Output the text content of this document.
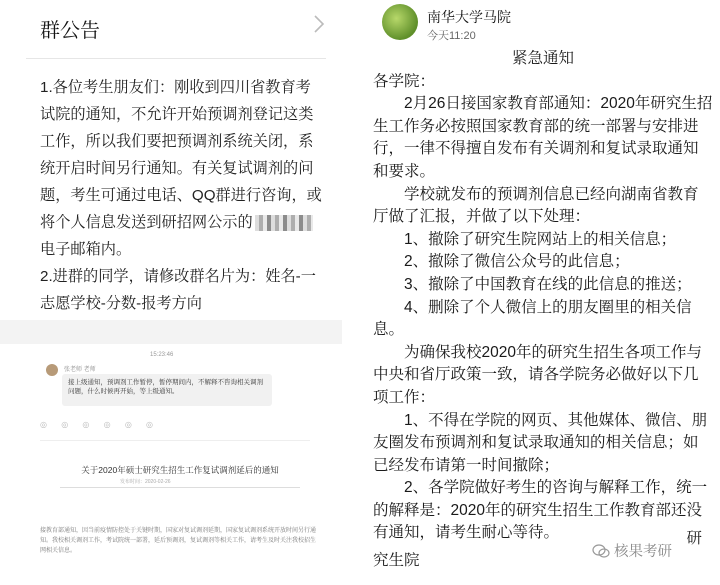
群公告

1.各位考生朋友们：刚收到四川省教育考试院的通知，不允许开始预调剂登记这类工作，所以我们要把预调剂系统关闭，系统开启时间另行通知。有关复试调剂的问题，考生可通过电话、QQ群进行咨询，或将个人信息发送到研招网公示的

电子邮箱内。

2.进群的同学，请修改群名片为：姓名-一志愿学校-分数-报考方向

15:23:46
张老师 老师
接上级通知，预调剂工作暂停，暂停期间内，不解释不咨询相关调剂问题，什么时候再开始，等上级通知。
◎ ◎ ◎ ◎ ◎ ◎
关于2020年硕士研究生招生工作复试调剂延后的通知
发布时间：2020-02-26
接教育部通知，因当前疫情防控处于关键时期，国家对复试调剂延期，国家复试调剂系统开放时间另行通知。我校相关调剂工作，考试院统一部署，延后预调剂，复试调剂等相关工作，请考生及时关注我校招生网相关信息。
南华大学马院
今天11:20

紧急通知

各学院：

2月26日接国家教育部通知：2020年研究生招生工作务必按照国家教育部的统一部署与安排进行，一律不得擅自发布有关调剂和复试录取通知和要求。

学校就发布的预调剂信息已经向湖南省教育厅做了汇报，并做了以下处理：

1、撤除了研究生院网站上的相关信息；

2、撤除了微信公众号的此信息；

3、撤除了中国教育在线的此信息的推送；

4、删除了个人微信上的朋友圈里的相关信息。

为确保我校2020年的研究生招生各项工作与中央和省厅政策一致，请各学院务必做好以下几项工作：

1、不得在学院的网页、其他媒体、微信、朋友圈发布预调剂和复试录取通知的相关信息；如已经发布请第一时间撤除；

2、各学院做好考生的咨询与解释工作，统一的解释是：2020年的研究生招生工作教育部还没有通知，请考生耐心等待。	研
究生院	核果考研
